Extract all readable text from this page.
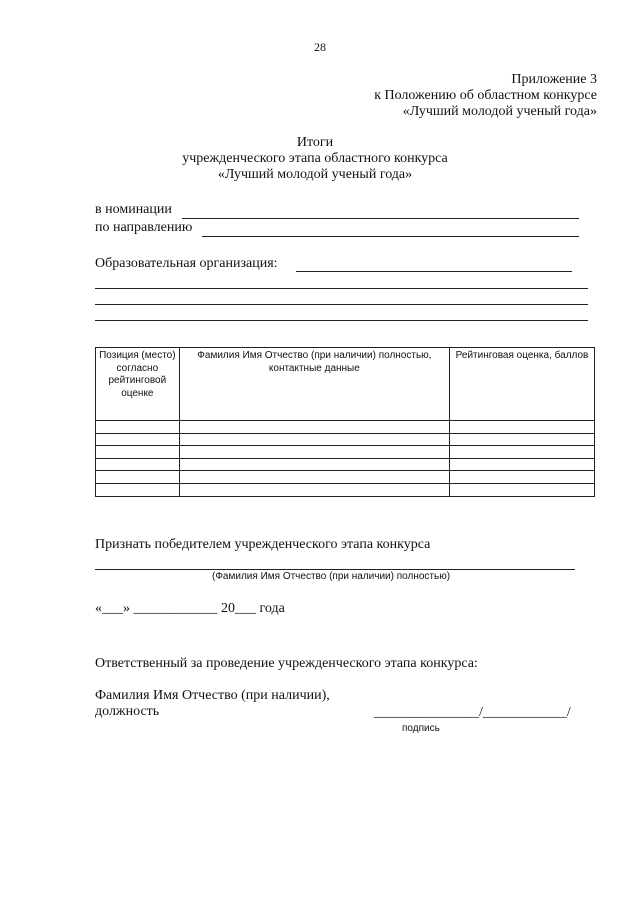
28
Приложение 3
к Положению об областном конкурсе
«Лучший молодой ученый года»
Итоги
учрежденческого этапа областного конкурса
«Лучший молодой ученый года»
в номинации
по направлению
Образовательная организация:
Позиция (место) согласно рейтинговой оценке	Фамилия Имя Отчество (при наличии) полностью, контактные данные	Рейтинговая оценка, баллов

Признать победителем учрежденческого этапа конкурса
(Фамилия Имя Отчество (при наличии) полностью)
«___» ____________ 20___ года
Ответственный за проведение учрежденческого этапа конкурса:
Фамилия Имя Отчество (при наличии),
должность	_______________/____________/
подпись
